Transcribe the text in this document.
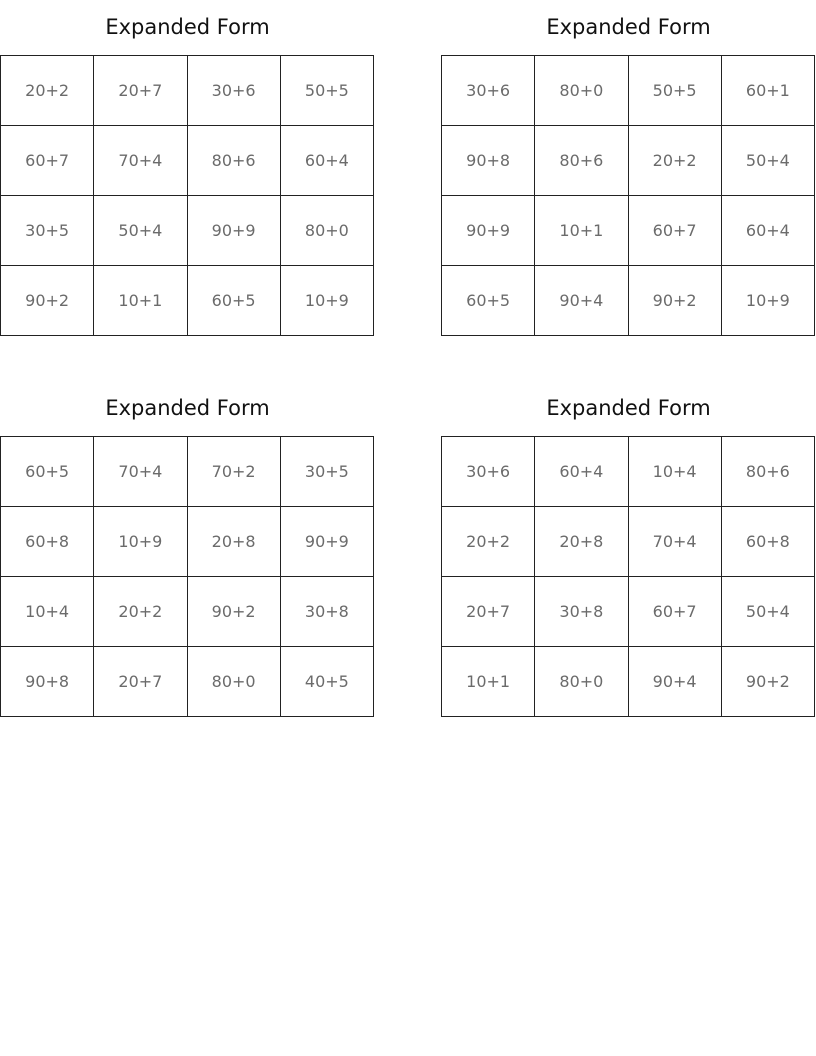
Expanded Form
20+2	20+7	30+6	50+5
60+7	70+4	80+6	60+4
30+5	50+4	90+9	80+0
90+2	10+1	60+5	10+9
Expanded Form
30+6	80+0	50+5	60+1
90+8	80+6	20+2	50+4
90+9	10+1	60+7	60+4
60+5	90+4	90+2	10+9
Expanded Form
60+5	70+4	70+2	30+5
60+8	10+9	20+8	90+9
10+4	20+2	90+2	30+8
90+8	20+7	80+0	40+5
Expanded Form
30+6	60+4	10+4	80+6
20+2	20+8	70+4	60+8
20+7	30+8	60+7	50+4
10+1	80+0	90+4	90+2
